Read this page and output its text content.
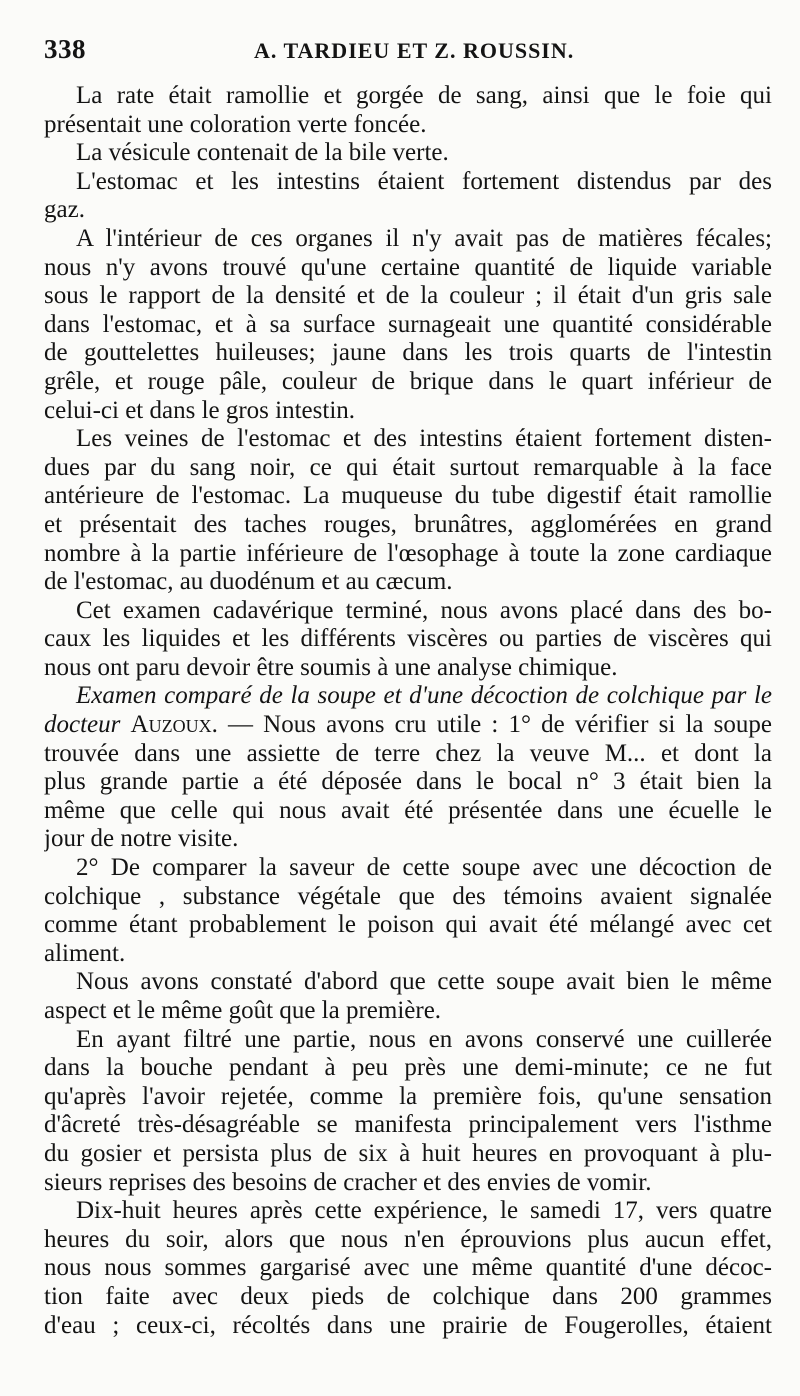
338	A. TARDIEU ET Z. ROUSSIN.
La rate était ramollie et gorgée de sang, ainsi que le foie qui
présentait une coloration verte foncée.
La vésicule contenait de la bile verte.
L'estomac et les intestins étaient fortement distendus par des
gaz.
A l'intérieur de ces organes il n'y avait pas de matières fécales;
nous n'y avons trouvé qu'une certaine quantité de liquide variable
sous le rapport de la densité et de la couleur ; il était d'un gris sale
dans l'estomac, et à sa surface surnageait une quantité considérable
de gouttelettes huileuses; jaune dans les trois quarts de l'intestin
grêle, et rouge pâle, couleur de brique dans le quart inférieur de
celui-ci et dans le gros intestin.
Les veines de l'estomac et des intestins étaient fortement disten-
dues par du sang noir, ce qui était surtout remarquable à la face
antérieure de l'estomac. La muqueuse du tube digestif était ramollie
et présentait des taches rouges, brunâtres, agglomérées en grand
nombre à la partie inférieure de l'œsophage à toute la zone cardiaque
de l'estomac, au duodénum et au cæcum.
Cet examen cadavérique terminé, nous avons placé dans des bo-
caux les liquides et les différents viscères ou parties de viscères qui
nous ont paru devoir être soumis à une analyse chimique.
Examen comparé de la soupe et d'une décoction de colchique par le
docteur Auzoux. — Nous avons cru utile : 1° de vérifier si la soupe
trouvée dans une assiette de terre chez la veuve M... et dont la
plus grande partie a été déposée dans le bocal n° 3 était bien la
même que celle qui nous avait été présentée dans une écuelle le
jour de notre visite.
2° De comparer la saveur de cette soupe avec une décoction de
colchique , substance végétale que des témoins avaient signalée
comme étant probablement le poison qui avait été mélangé avec cet
aliment.
Nous avons constaté d'abord que cette soupe avait bien le même
aspect et le même goût que la première.
En ayant filtré une partie, nous en avons conservé une cuillerée
dans la bouche pendant à peu près une demi-minute; ce ne fut
qu'après l'avoir rejetée, comme la première fois, qu'une sensation
d'âcreté très-désagréable se manifesta principalement vers l'isthme
du gosier et persista plus de six à huit heures en provoquant à plu-
sieurs reprises des besoins de cracher et des envies de vomir.
Dix-huit heures après cette expérience, le samedi 17, vers quatre
heures du soir, alors que nous n'en éprouvions plus aucun effet,
nous nous sommes gargarisé avec une même quantité d'une décoc-
tion faite avec deux pieds de colchique dans 200 grammes
d'eau ; ceux-ci, récoltés dans une prairie de Fougerolles, étaient
